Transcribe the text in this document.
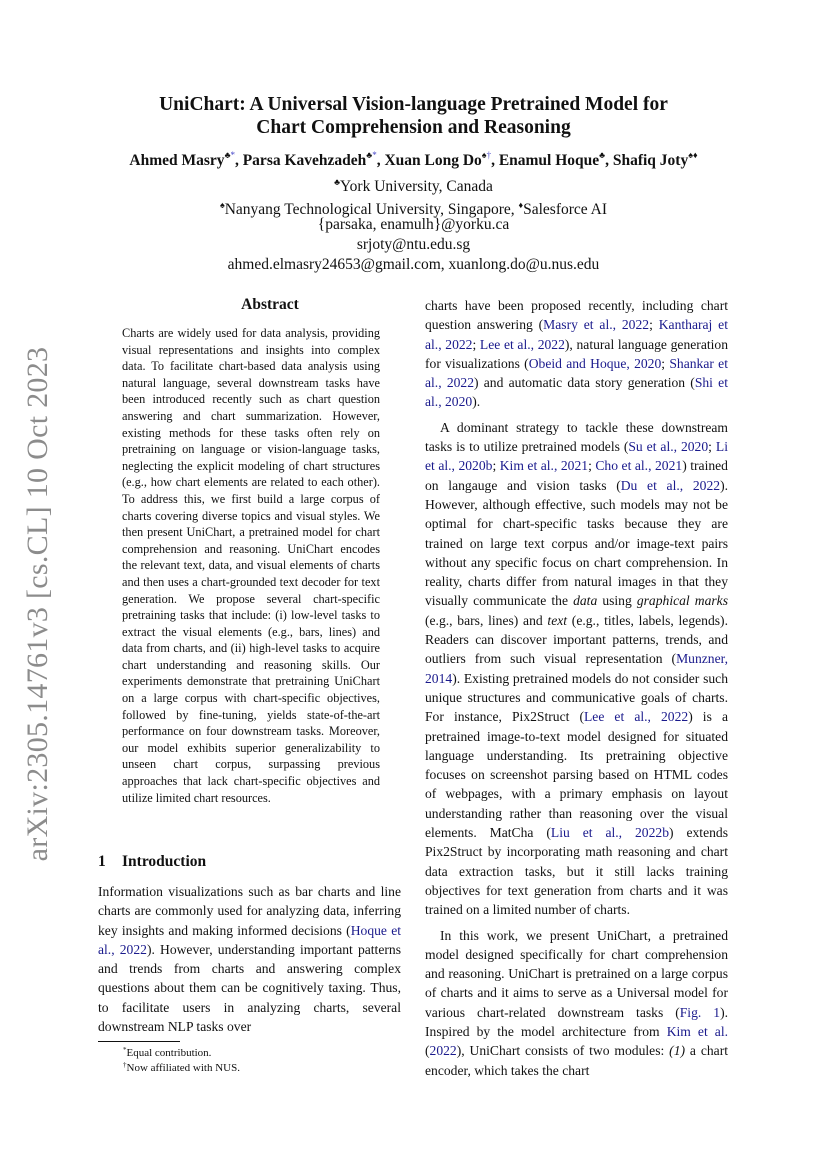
arXiv:2305.14761v3 [cs.CL] 10 Oct 2023
UniChart: A Universal Vision-language Pretrained Model for
Chart Comprehension and Reasoning
Ahmed Masry♣*, Parsa Kavehzadeh♣*, Xuan Long Do♠†, Enamul Hoque♣, Shafiq Joty♠♦
♣York University, Canada
♠Nanyang Technological University, Singapore, ♦Salesforce AI
{parsaka, enamulh}@yorku.ca
srjoty@ntu.edu.sg
ahmed.elmasry24653@gmail.com, xuanlong.do@u.nus.edu
Abstract
Charts are widely used for data analysis, providing visual representations and insights into complex data. To facilitate chart-based data analysis using natural language, several downstream tasks have been introduced recently such as chart question answering and chart summarization. However, existing methods for these tasks often rely on pretraining on language or vision-language tasks, neglecting the explicit modeling of chart structures (e.g., how chart elements are related to each other). To address this, we first build a large corpus of charts covering diverse topics and visual styles. We then present UniChart, a pretrained model for chart comprehension and reasoning. UniChart encodes the relevant text, data, and visual elements of charts and then uses a chart-grounded text decoder for text generation. We propose several chart-specific pretraining tasks that include: (i) low-level tasks to extract the visual elements (e.g., bars, lines) and data from charts, and (ii) high-level tasks to acquire chart understanding and reasoning skills. Our experiments demonstrate that pretraining UniChart on a large corpus with chart-specific objectives, followed by fine-tuning, yields state-of-the-art performance on four downstream tasks. Moreover, our model exhibits superior generalizability to unseen chart corpus, surpassing previous approaches that lack chart-specific objectives and utilize limited chart resources.
1 Introduction
Information visualizations such as bar charts and line charts are commonly used for analyzing data, inferring key insights and making informed decisions (Hoque et al., 2022). However, understanding important patterns and trends from charts and answering complex questions about them can be cognitively taxing. Thus, to facilitate users in analyzing charts, several downstream NLP tasks over
*Equal contribution.
†Now affiliated with NUS.

charts have been proposed recently, including chart question answering (Masry et al., 2022; Kantharaj et al., 2022; Lee et al., 2022), natural language generation for visualizations (Obeid and Hoque, 2020; Shankar et al., 2022) and automatic data story generation (Shi et al., 2020).

A dominant strategy to tackle these downstream tasks is to utilize pretrained models (Su et al., 2020; Li et al., 2020b; Kim et al., 2021; Cho et al., 2021) trained on langauge and vision tasks (Du et al., 2022). However, although effective, such models may not be optimal for chart-specific tasks because they are trained on large text corpus and/or image-text pairs without any specific focus on chart comprehension. In reality, charts differ from natural images in that they visually communicate the data using graphical marks (e.g., bars, lines) and text (e.g., titles, labels, legends). Readers can discover important patterns, trends, and outliers from such visual representation (Munzner, 2014). Existing pretrained models do not consider such unique structures and communicative goals of charts. For instance, Pix2Struct (Lee et al., 2022) is a pretrained image-to-text model designed for situated language understanding. Its pretraining objective focuses on screenshot parsing based on HTML codes of webpages, with a primary emphasis on layout understanding rather than reasoning over the visual elements. MatCha (Liu et al., 2022b) extends Pix2Struct by incorporating math reasoning and chart data extraction tasks, but it still lacks training objectives for text generation from charts and it was trained on a limited number of charts.

In this work, we present UniChart, a pretrained model designed specifically for chart comprehension and reasoning. UniChart is pretrained on a large corpus of charts and it aims to serve as a Universal model for various chart-related downstream tasks (Fig. 1). Inspired by the model architecture from Kim et al. (2022), UniChart consists of two modules: (1) a chart encoder, which takes the chart
